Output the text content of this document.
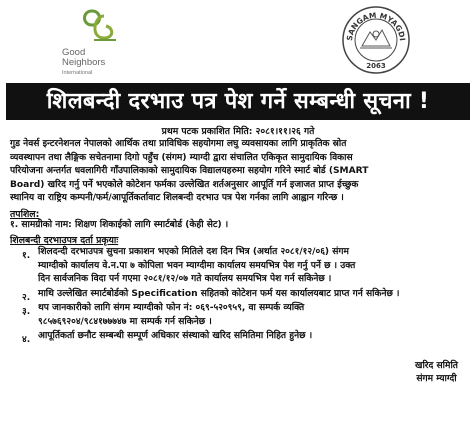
Good
Neighbors
International
SANGAM MYAGDI
2063
शिलबन्दी दरभाउ पत्र पेश गर्ने सम्बन्धी सूचना !
प्रथम पटक प्रकाशित मिति: २०८१।११।२६ गते
गुड नेवर्स इन्टरनेशनल नेपालको आर्थिक तथा प्राविधिक सहयोगमा लघु व्यवसायका लागि प्राकृतिक स्रोत
व्यवस्थापन तथा लैङ्गिक सचेतनामा दिगो पहुँच (संगम) म्याग्दी द्वारा संचालित एकिकृत सामुदायिक विकास
परियोजना अन्तर्गत धवलागिरी गाँउपालिकाको सामुदायिक विद्यालयहरुमा सहयोग गरिने स्मार्ट बोर्ड (SMART
Board) खरिद गर्नु पर्ने भएकोले कोटेशन फर्मका उल्लेखित शर्तअनुसार आपूर्ति गर्न इजाजत प्राप्त ईच्छुक
स्थानिय वा राष्ट्रिय कम्पनी/फर्म/आपूर्तिकर्तावाट शिलबन्दी दरभाउ पत्र पेश गर्नका लागि आह्वान गरिन्छ ।
तपशिल:
१. सामग्रीको नाम: शिक्षण शिकाईको लागि स्मार्टबोर्ड (केही सेट) ।
शिलबन्दी दरभाउपत्र दर्ता प्रकृयाः
१. शिलदन्दी दरभाउपत्र सुचना प्रकाशन भएको मितिले दश दिन भित्र (अर्थात २०८१/१२/०६) संगम
म्याग्दीको कार्यालय वे.न.पा ७ कोपिला भवन म्याग्दीमा कार्यालय समयभित्र पेश गर्नु पर्ने छ । उक्त
दिन सार्वजनिक विदा पर्न गएमा २०८१/१२/०७ गते कार्यालय समयभित्र पेश गर्न सकिनेछ ।
२. माथि उल्लेखित स्मार्टबोर्डको Specification सहितको कोटेशन फर्म यस कार्यालयबाट प्राप्त गर्न सकिनेछ ।
३. थप जानकारीको लागि संगम म्याग्दीको फोन नं: ०६९-५२०९५९, वा सम्पर्क व्यक्ति
९८५७६९२०४/९८४१७७७४७ मा सम्पर्क गर्न सकिनेछ ।
४. आपूर्तिकर्ता छनौट सम्बन्धी सम्पूर्ण अधिकार संस्थाको खरिद समितिमा निहित हुनेछ ।
खरिद समिति
संगम म्याग्दी
